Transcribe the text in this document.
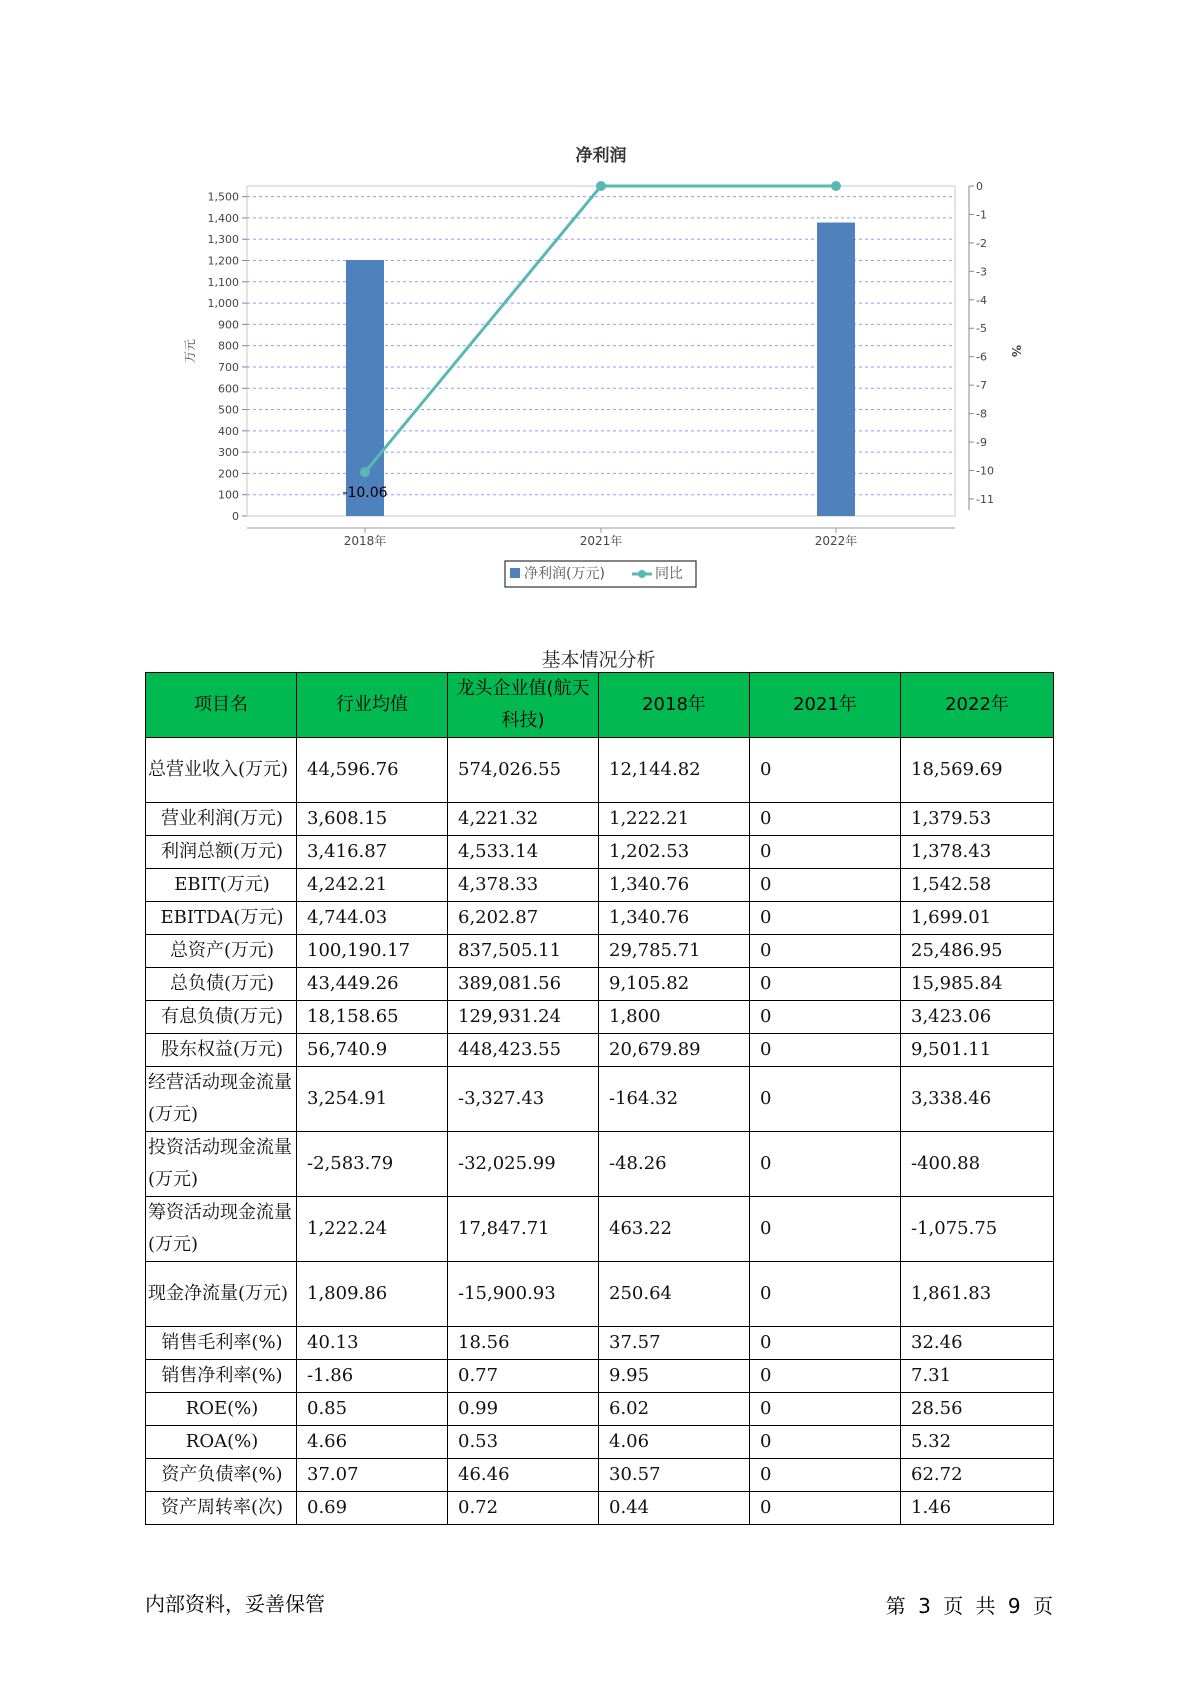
净利润
0
100
200
300
400
500
600
700
800
900
1,000
1,100
1,200
1,300
1,400
1,500
0
-1
-2
-3
-4
-5
-6
-7
-8
-9
-10
-11
2018年	2021年	2022年
万元	%
-10.06
净利润(万元)	同比
基本情况分析
项目名	行业均值	龙头企业值(航天科技)	2018年	2021年	2022年
总营业收入(万元)	44,596.76	574,026.55	12,144.82	0	18,569.69
营业利润(万元)	3,608.15	4,221.32	1,222.21	0	1,379.53
利润总额(万元)	3,416.87	4,533.14	1,202.53	0	1,378.43
EBIT(万元)	4,242.21	4,378.33	1,340.76	0	1,542.58
EBITDA(万元)	4,744.03	6,202.87	1,340.76	0	1,699.01
总资产(万元)	100,190.17	837,505.11	29,785.71	0	25,486.95
总负债(万元)	43,449.26	389,081.56	9,105.82	0	15,985.84
有息负债(万元)	18,158.65	129,931.24	1,800	0	3,423.06
股东权益(万元)	56,740.9	448,423.55	20,679.89	0	9,501.11
经营活动现金流量(万元)	3,254.91	-3,327.43	-164.32	0	3,338.46
投资活动现金流量(万元)	-2,583.79	-32,025.99	-48.26	0	-400.88
筹资活动现金流量(万元)	1,222.24	17,847.71	463.22	0	-1,075.75
现金净流量(万元)	1,809.86	-15,900.93	250.64	0	1,861.83
销售毛利率(%)	40.13	18.56	37.57	0	32.46
销售净利率(%)	-1.86	0.77	9.95	0	7.31
ROE(%)	0.85	0.99	6.02	0	28.56
ROA(%)	4.66	0.53	4.06	0	5.32
资产负债率(%)	37.07	46.46	30.57	0	62.72
资产周转率(次)	0.69	0.72	0.44	0	1.46
内部资料，妥善保管	第 3 页 共 9 页
